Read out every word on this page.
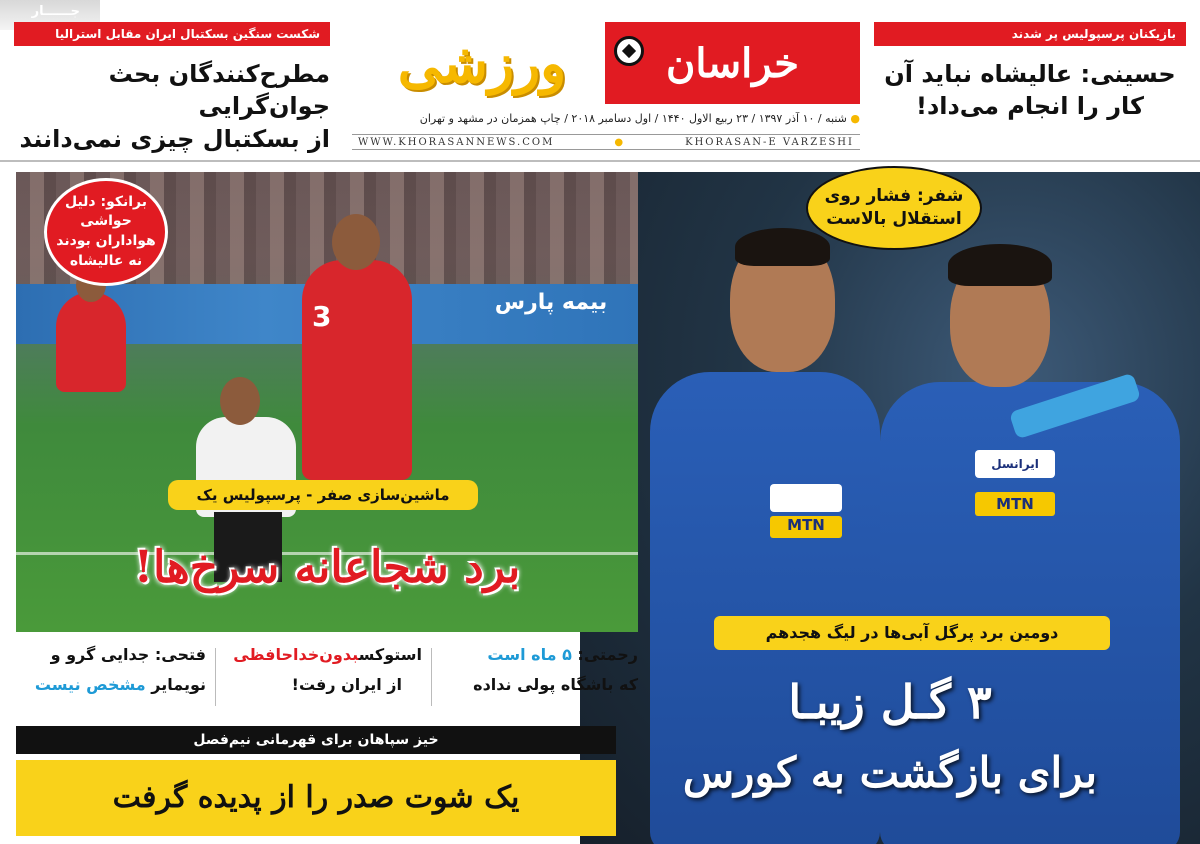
جــــــار
شکست سنگین بسکتبال ایران مقابل استرالیا
مطرح‌کنندگان بحث جوان‌گرایی
از بسکتبال چیزی نمی‌دانند
بازیکنان پرسپولیس پر شدند
حسینی: عالیشاه نباید آن
کار را انجام می‌داد!
خراسان
ورزشی
● شنبه / ۱۰ آذر ۱۳۹۷ / ۲۳ ربیع الاول ۱۴۴۰ / اول دسامبر ۲۰۱۸ / چاپ همزمان در مشهد و تهران
WWW.KHORASANNEWS.COM	●	KHORASAN-E VARZESHI
MTN
ایرانسل
MTN
بیمه پارس
3
برانکو: دلیل حواشی
هواداران بودند
نه عالیشاه
ماشین‌سازی صفر - پرسپولیس یک
برد شجاعانه سرخ‌ها!
شفر: فشار روی
استقلال بالاست
دومین برد پرگل آبی‌ها در لیگ هجدهم
۳ گـل زیبـا
برای بازگشت به کورس
رحمتی: ۵ ماه است
که باشگاه پولی نداده
استوکسبدون‌خداحافظی
از ایران رفت!
فتحی: جدایی گرو و
نویمایر مشخص نیست
خیز سپاهان برای قهرمانی نیم‌فصل
یک شوت صدر را از پدیده گرفت
